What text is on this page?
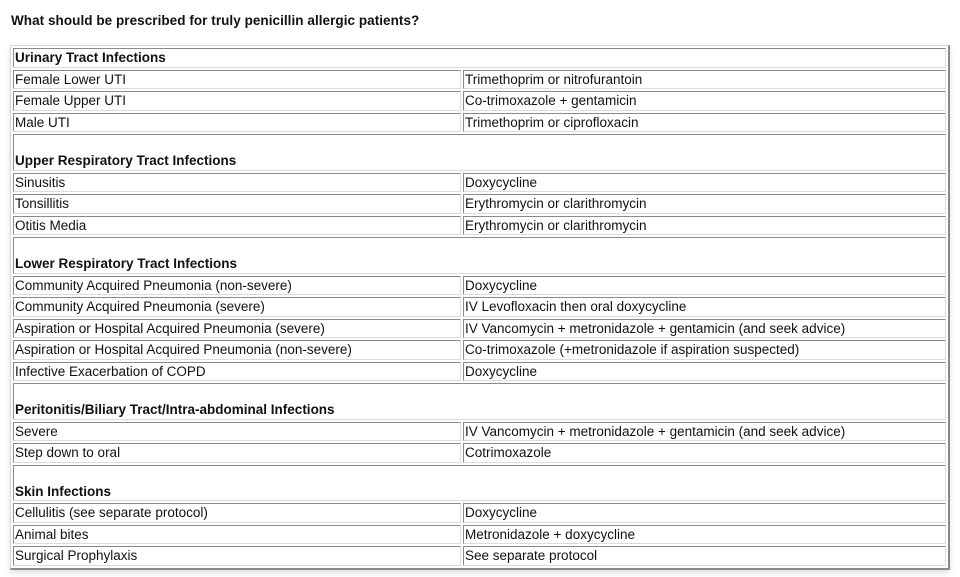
What should be prescribed for truly penicillin allergic patients?
Urinary Tract Infections	
Female Lower UTI	Trimethoprim or nitrofurantoin
Female Upper UTI	Co-trimoxazole + gentamicin
Male UTI	Trimethoprim or ciprofloxacin

Upper Respiratory Tract Infections	
Sinusitis	Doxycycline
Tonsillitis	Erythromycin or clarithromycin
Otitis Media	Erythromycin or clarithromycin

Lower Respiratory Tract Infections	
Community Acquired Pneumonia (non-severe)	Doxycycline
Community Acquired Pneumonia (severe)	IV Levofloxacin then oral doxycycline
Aspiration or Hospital Acquired Pneumonia (severe)	IV Vancomycin + metronidazole + gentamicin (and seek advice)
Aspiration or Hospital Acquired Pneumonia (non-severe)	Co-trimoxazole (+metronidazole if aspiration suspected)
Infective Exacerbation of COPD	Doxycycline

Peritonitis/Biliary Tract/Intra-abdominal Infections	
Severe	IV Vancomycin + metronidazole + gentamicin (and seek advice)
Step down to oral	Cotrimoxazole

Skin Infections	
Cellulitis (see separate protocol)	Doxycycline
Animal bites	Metronidazole + doxycycline
Surgical Prophylaxis	See separate protocol
